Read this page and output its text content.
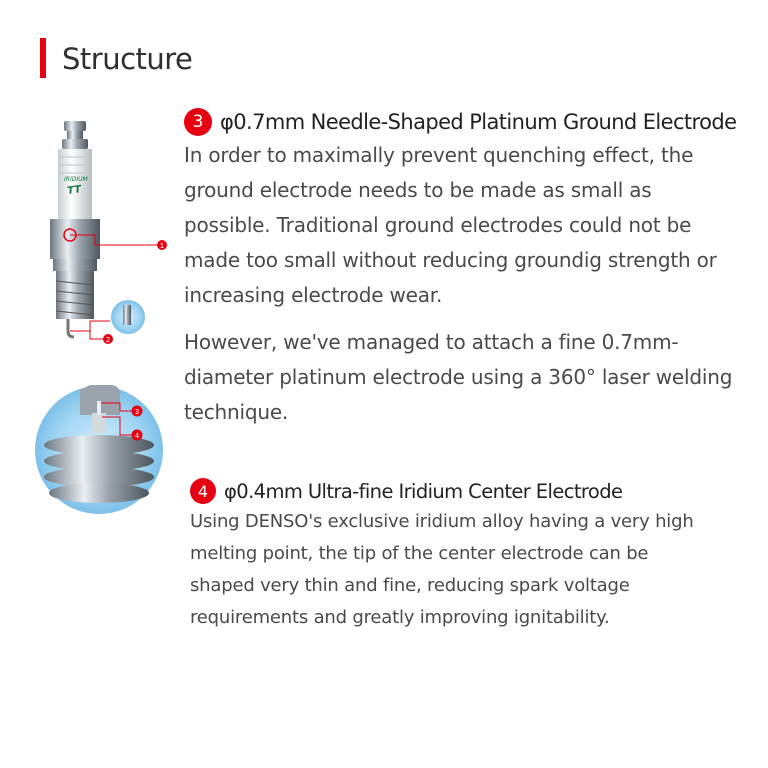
Structure
TT
IRIDIUM
1
2
3
4
3 φ0.7mm Needle-Shaped Platinum Ground Electrode
In order to maximally prevent quenching effect, the
ground electrode needs to be made as small as
possible. Traditional ground electrodes could not be
made too small without reducing groundig strength or
increasing electrode wear.
However, we've managed to attach a fine 0.7mm-
diameter platinum electrode using a 360° laser welding
technique.
4 φ0.4mm Ultra-fine Iridium Center Electrode
Using DENSO's exclusive iridium alloy having a very high
melting point, the tip of the center electrode can be
shaped very thin and fine, reducing spark voltage
requirements and greatly improving ignitability.
